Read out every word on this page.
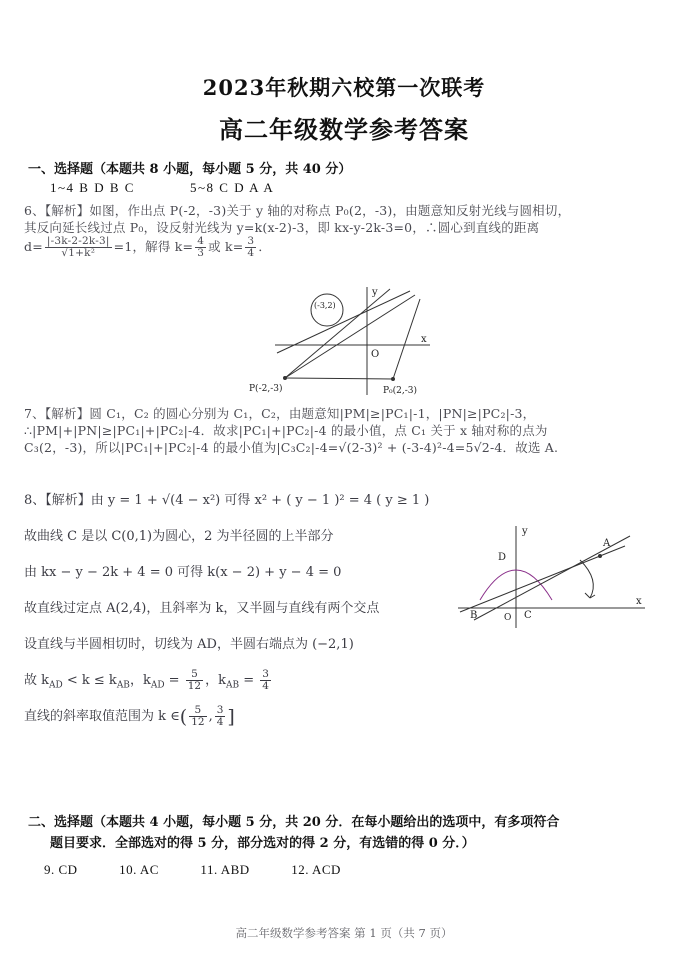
2023年秋期六校第一次联考
高二年级数学参考答案
一、选择题（本题共 8 小题，每小题 5 分，共 40 分）
1~4 B D B C	5~8 C D A A
6、【解析】如图，作出点 P(-2，-3)关于 y 轴的对称点 P₀(2，-3)，由题意知反射光线与圆相切，
其反向延长线过点 P₀，设反射光线为 y=k(x-2)-3，即 kx-y-2k-3=0，∴圆心到直线的距离
$d= \frac{|-3k-2-2k-3|}{\text{√1+k²}} =1$，解得 $k= \frac{4}{3}$ 或 $k= \frac{3}{4}$ ．
y
x
O
(-3,2)
P(-2,-3)	P₀(2,-3)
7、【解析】圆 C₁，C₂ 的圆心分别为 C₁，C₂，由题意知|PM|≥|PC₁|-1，|PN|≥|PC₂|-3，
∴|PM|+|PN|≥|PC₁|+|PC₂|-4．故求|PC₁|+|PC₂|-4 的最小值，点 C₁ 关于 x 轴对称的点为
C₃(2，-3)，所以|PC₁|+|PC₂|-4 的最小值为|C₃C₂|-4=√(2-3)² + (-3-4)²-4=5√2-4．故选 A.
8、【解析】由 y = 1 + √(4 − x²) 可得 x² + ( y − 1 )² = 4 ( y ≥ 1 )
故曲线 C 是以 C(0,1)为圆心，2 为半径圆的上半部分
由 kx − y − 2k + 4 = 0 可得 k(x − 2) + y − 4 = 0
故直线过定点 A(2,4)，且斜率为 k，又半圆与直线有两个交点
设直线与半圆相切时，切线为 AD，半圆右端点为 (−2,1)
故 $k_{AD} < k \le k_{AB}$，$k_{AD} = \frac{5}{12}$ ，$k_{AB} = \frac{3}{4}$
直线的斜率取值范围为 k ∈( $\frac{5}{12}$ , $\frac{3}{4}$ ]
y
x
A
B	C
D
O
二、选择题（本题共 4 小题，每小题 5 分，共 20 分．在每小题给出的选项中，有多项符合
题目要求．全部选对的得 5 分，部分选对的得 2 分，有选错的得 0 分．）
9. CD	10. AC	11. ABD	12. ACD
高二年级数学参考答案 第 1 页（共 7 页）
